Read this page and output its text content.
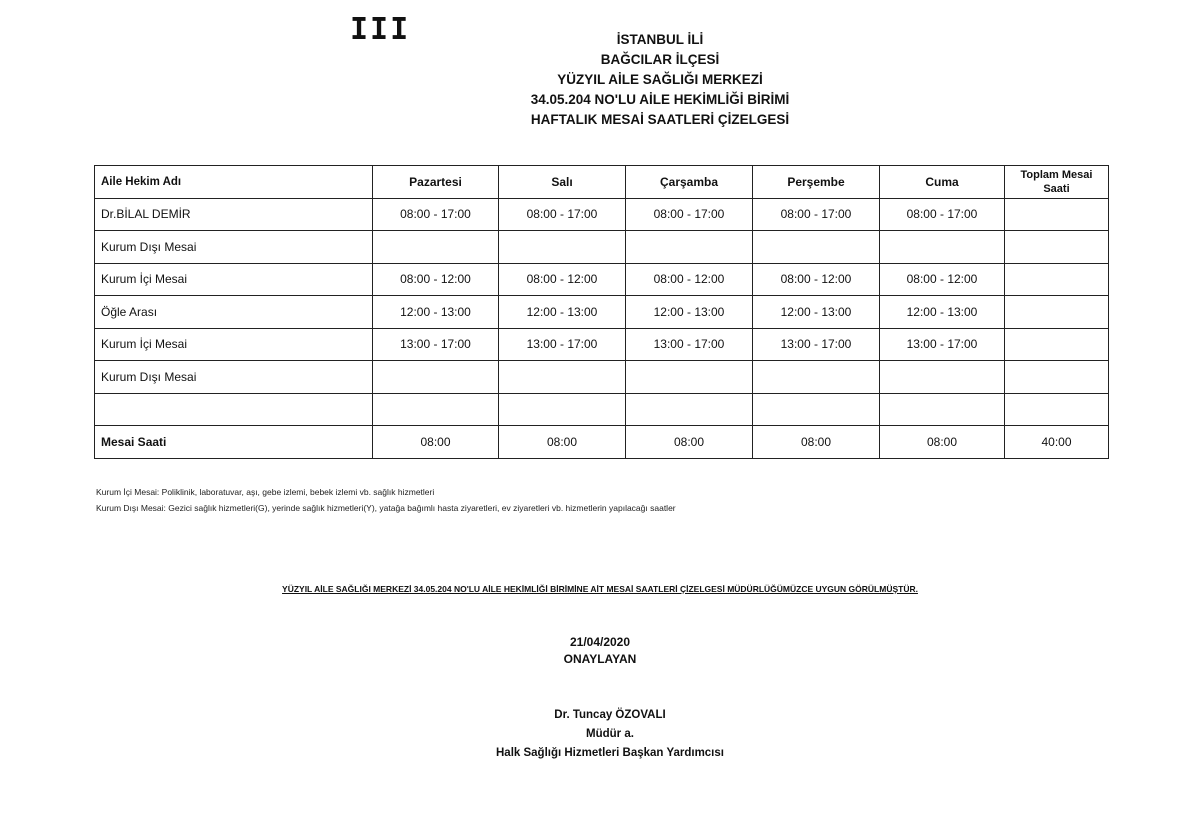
III	İSTANBUL İLİ
BAĞCILAR İLÇESİ
YÜZYIL AİLE SAĞLIĞI MERKEZİ
34.05.204 NO'LU AİLE HEKİMLİĞİ BİRİMİ
HAFTALIK MESAİ SAATLERİ ÇİZELGESİ
Aile Hekim Adı	Pazartesi	Salı	Çarşamba	Perşembe	Cuma	Toplam Mesai Saati
Dr.BİLAL DEMİR	08:00 - 17:00	08:00 - 17:00	08:00 - 17:00	08:00 - 17:00	08:00 - 17:00	
Kurum Dışı Mesai						
Kurum İçi Mesai	08:00 - 12:00	08:00 - 12:00	08:00 - 12:00	08:00 - 12:00	08:00 - 12:00	
Öğle Arası	12:00 - 13:00	12:00 - 13:00	12:00 - 13:00	12:00 - 13:00	12:00 - 13:00	
Kurum İçi Mesai	13:00 - 17:00	13:00 - 17:00	13:00 - 17:00	13:00 - 17:00	13:00 - 17:00	
Kurum Dışı Mesai						

Mesai Saati	08:00	08:00	08:00	08:00	08:00	40:00
Kurum İçi Mesai: Poliklinik, laboratuvar, aşı, gebe izlemi, bebek izlemi vb. sağlık hizmetleri
Kurum Dışı Mesai: Gezici sağlık hizmetleri(G), yerinde sağlık hizmetleri(Y), yatağa bağımlı hasta ziyaretleri, ev ziyaretleri vb. hizmetlerin yapılacağı saatler
YÜZYIL AİLE SAĞLIĞI MERKEZİ 34.05.204 NO'LU AİLE HEKİMLİĞİ BİRİMİNE AİT MESAİ SAATLERİ ÇİZELGESİ MÜDÜRLÜĞÜMÜZCE UYGUN GÖRÜLMÜŞTÜR.
21/04/2020
ONAYLAYAN
Dr. Tuncay ÖZOVALI
Müdür a.
Halk Sağlığı Hizmetleri Başkan Yardımcısı
